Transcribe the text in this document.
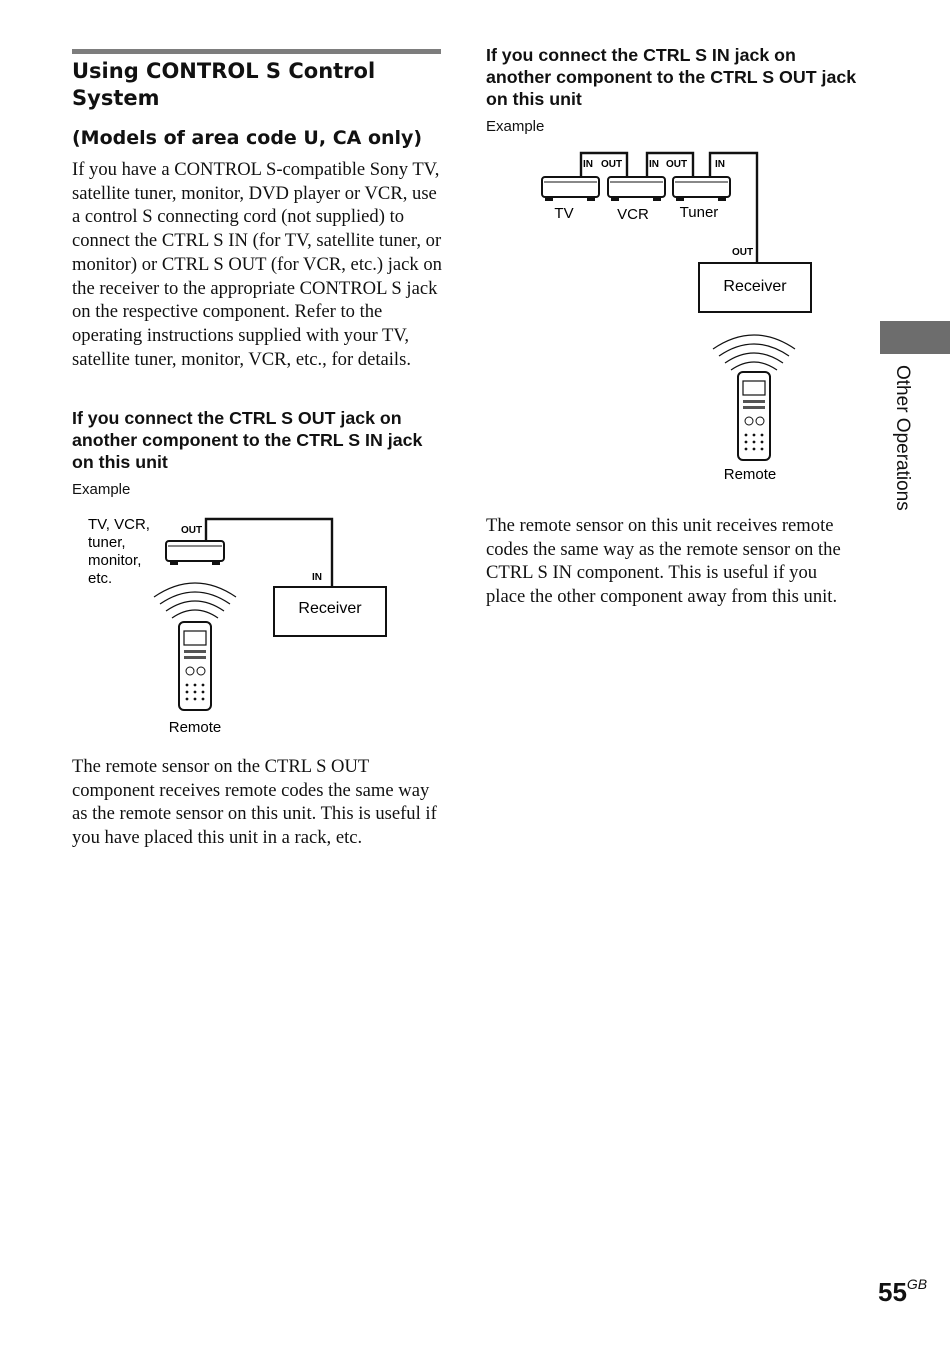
Using CONTROL S Control System
(Models of area code U, CA only)
If you have a CONTROL S-compatible Sony TV, satellite tuner, monitor, DVD player or VCR, use a control S connecting cord (not supplied) to connect the CTRL S IN (for TV, satellite tuner, or monitor) or CTRL S OUT (for VCR, etc.) jack on the receiver to the appropriate CONTROL S jack on the respective component. Refer to the operating instructions supplied with your TV, satellite tuner, monitor, VCR, etc., for details.
If you connect the CTRL S OUT jack on another component to the CTRL S IN jack on this unit
Example
TV, VCR,
tuner,
monitor,
etc.
OUT
IN
Receiver
Remote
The remote sensor on the CTRL S OUT component receives remote codes the same way as the remote sensor on this unit. This is useful if you have placed this unit in a rack, etc.
If you connect the CTRL S IN jack on another component to the CTRL S OUT jack on this unit
Example
IN OUT	IN OUT	IN
TV	VCR Tuner
OUT
Receiver
Remote
The remote sensor on this unit receives remote codes the same way as the remote sensor on the CTRL S IN component. This is useful if you place the other component away from this unit.
Other Operations
$55^{GB}$
